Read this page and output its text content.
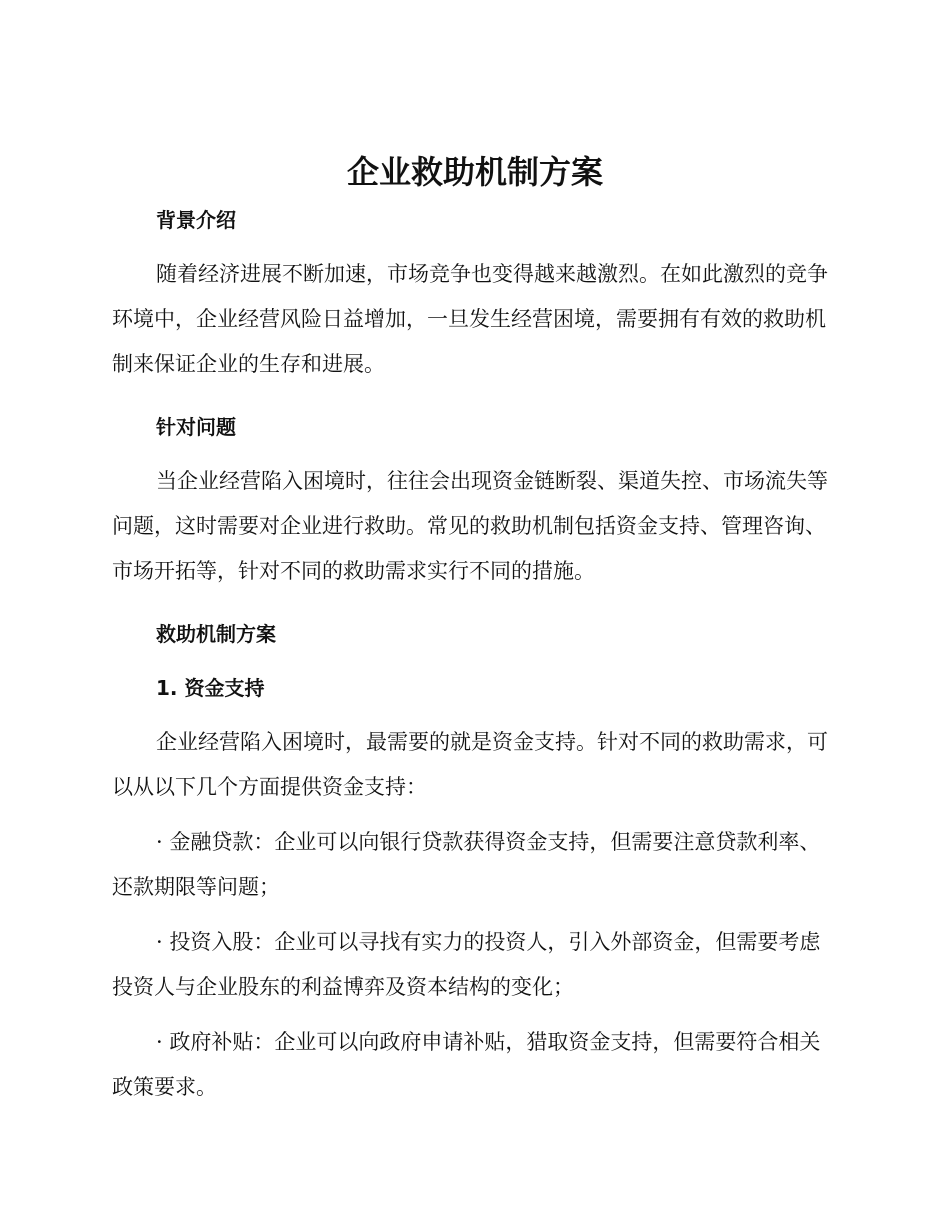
企业救助机制方案

背景介绍

随着经济进展不断加速，市场竞争也变得越来越激烈。在如此激烈的竞争环境中，企业经营风险日益增加，一旦发生经营困境，需要拥有有效的救助机制来保证企业的生存和进展。

针对问题

当企业经营陷入困境时，往往会出现资金链断裂、渠道失控、市场流失等问题，这时需要对企业进行救助。常见的救助机制包括资金支持、管理咨询、市场开拓等，针对不同的救助需求实行不同的措施。

救助机制方案

1. 资金支持

企业经营陷入困境时，最需要的就是资金支持。针对不同的救助需求，可以从以下几个方面提供资金支持：

· 金融贷款：企业可以向银行贷款获得资金支持，但需要注意贷款利率、还款期限等问题；

· 投资入股：企业可以寻找有实力的投资人，引入外部资金，但需要考虑投资人与企业股东的利益博弈及资本结构的变化；

· 政府补贴：企业可以向政府申请补贴，猎取资金支持，但需要符合相关政策要求。
